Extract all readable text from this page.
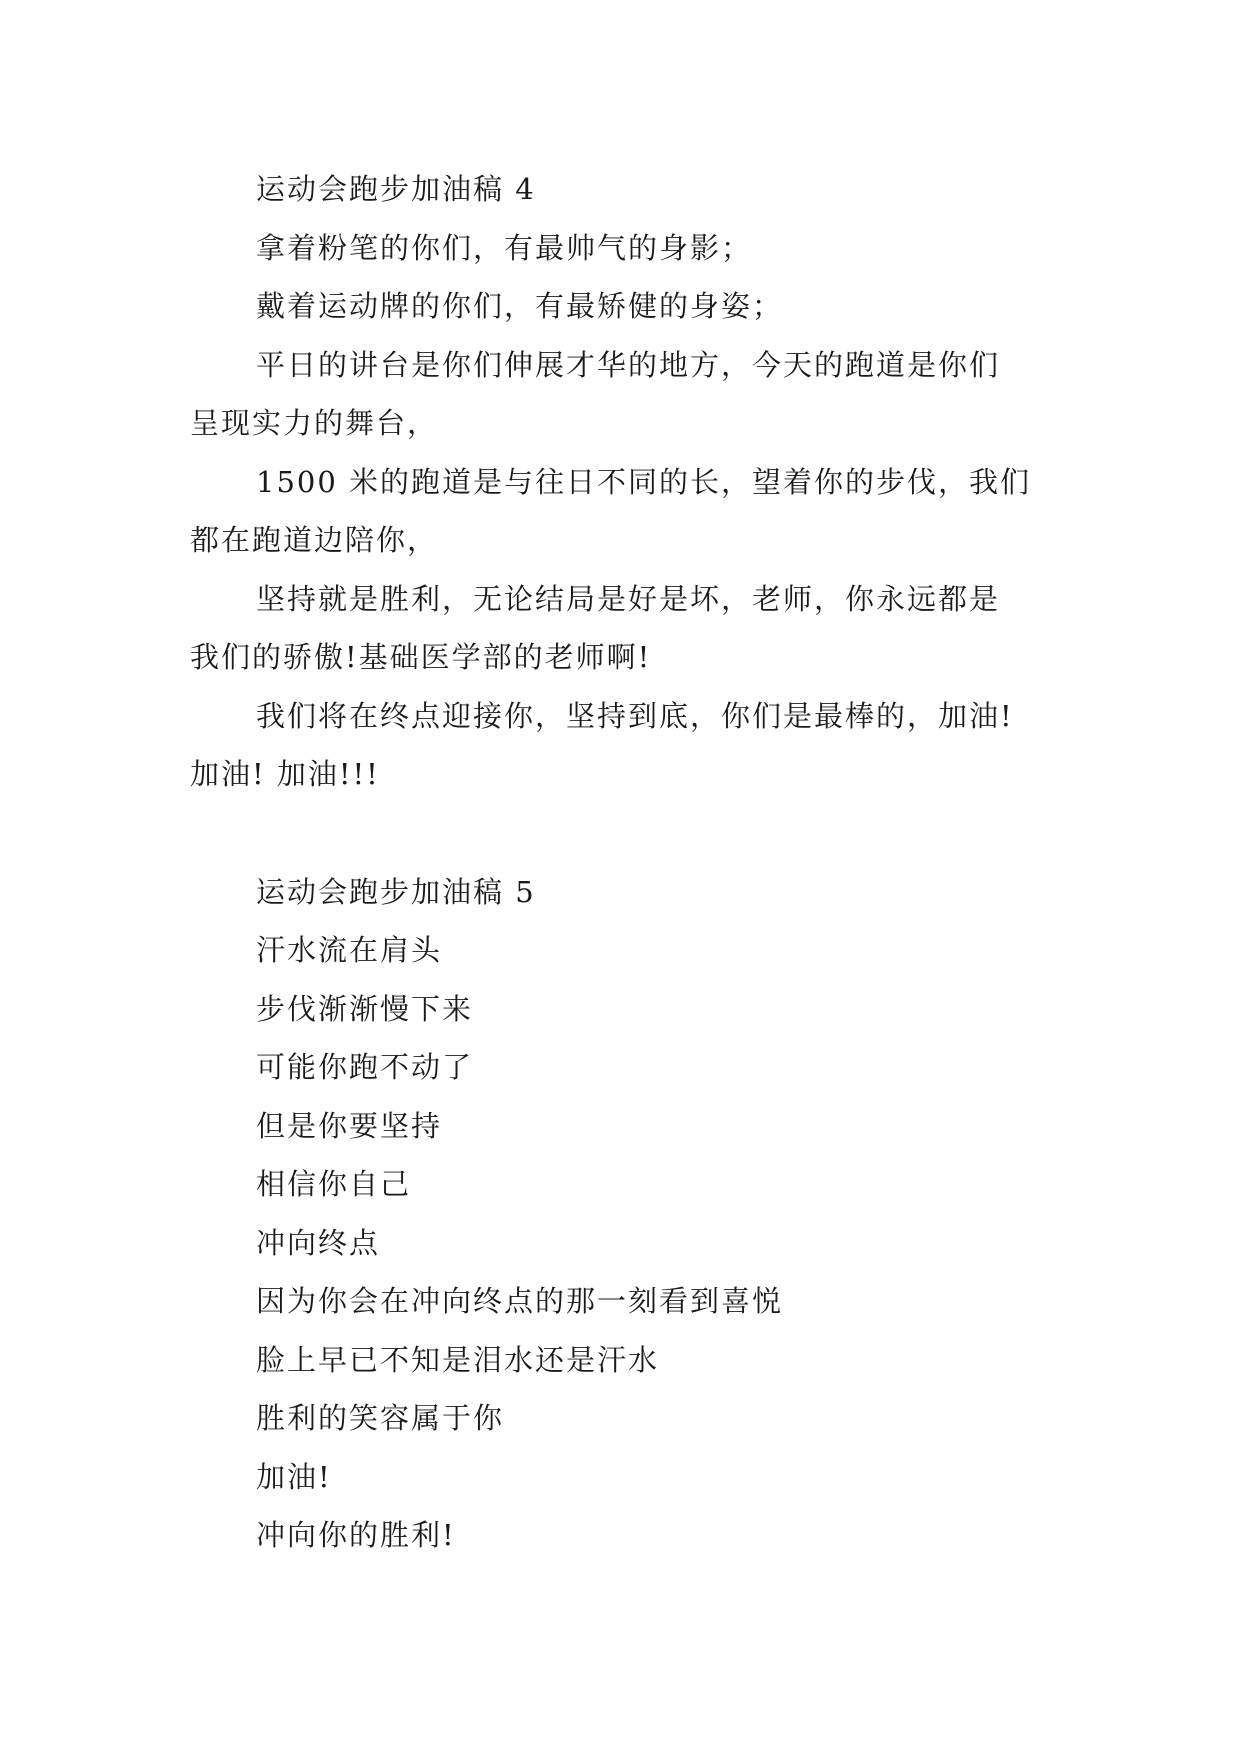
运动会跑步加油稿 4
拿着粉笔的你们，有最帅气的身影；
戴着运动牌的你们，有最矫健的身姿；
平日的讲台是你们伸展才华的地方，今天的跑道是你们
呈现实力的舞台，
1500 米的跑道是与往日不同的长，望着你的步伐，我们
都在跑道边陪你，
坚持就是胜利，无论结局是好是坏，老师，你永远都是
我们的骄傲!基础医学部的老师啊!
我们将在终点迎接你，坚持到底，你们是最棒的，加油!
加油! 加油!!!
运动会跑步加油稿 5
汗水流在肩头
步伐渐渐慢下来
可能你跑不动了
但是你要坚持
相信你自己
冲向终点
因为你会在冲向终点的那一刻看到喜悦
脸上早已不知是泪水还是汗水
胜利的笑容属于你
加油!
冲向你的胜利!
